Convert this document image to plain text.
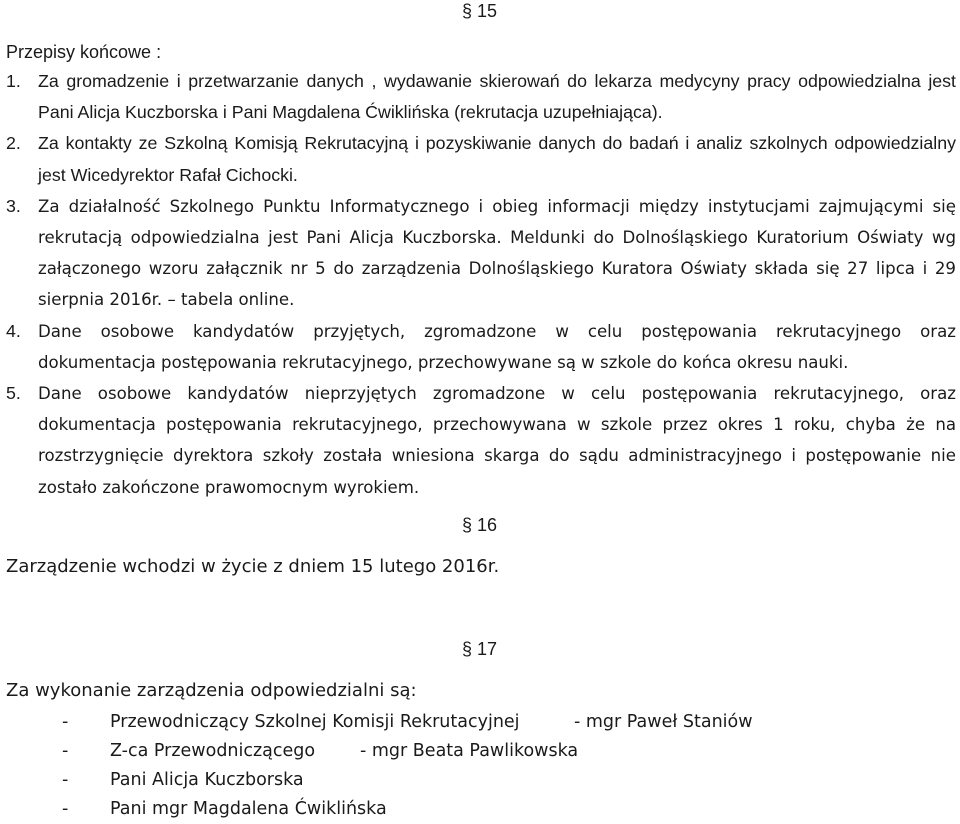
§ 15
Przepisy końcowe :
1. Za gromadzenie i przetwarzanie danych , wydawanie skierowań do lekarza medycyny pracy odpowiedzialna jest Pani Alicja Kuczborska i Pani Magdalena Ćwiklińska (rekrutacja uzupełniająca).
2. Za kontakty ze Szkolną Komisją Rekrutacyjną i pozyskiwanie danych do badań i analiz szkolnych odpowiedzialny jest Wicedyrektor Rafał Cichocki.
3. Za działalność Szkolnego Punktu Informatycznego i obieg informacji między instytucjami zajmującymi się rekrutacją odpowiedzialna jest Pani Alicja Kuczborska. Meldunki do Dolnośląskiego Kuratorium Oświaty wg załączonego wzoru załącznik nr 5 do zarządzenia Dolnośląskiego Kuratora Oświaty składa się 27 lipca i 29 sierpnia 2016r. – tabela online.
4. Dane osobowe kandydatów przyjętych, zgromadzone w celu postępowania rekrutacyjnego oraz dokumentacja postępowania rekrutacyjnego, przechowywane są w szkole do końca okresu nauki.
5. Dane osobowe kandydatów nieprzyjętych zgromadzone w celu postępowania rekrutacyjnego, oraz dokumentacja postępowania rekrutacyjnego, przechowywana w szkole przez okres 1 roku, chyba że na rozstrzygnięcie dyrektora szkoły została wniesiona skarga do sądu administracyjnego i postępowanie nie zostało zakończone prawomocnym wyrokiem.
§ 16
Zarządzenie wchodzi w życie z dniem 15 lutego 2016r.
§ 17
Za wykonanie zarządzenia odpowiedzialni są:
- Przewodniczący Szkolnej Komisji Rekrutacyjnej	- mgr Paweł Staniów
- Z-ca Przewodniczącego	- mgr Beata Pawlikowska
- Pani Alicja Kuczborska
- Pani mgr Magdalena Ćwiklińska
